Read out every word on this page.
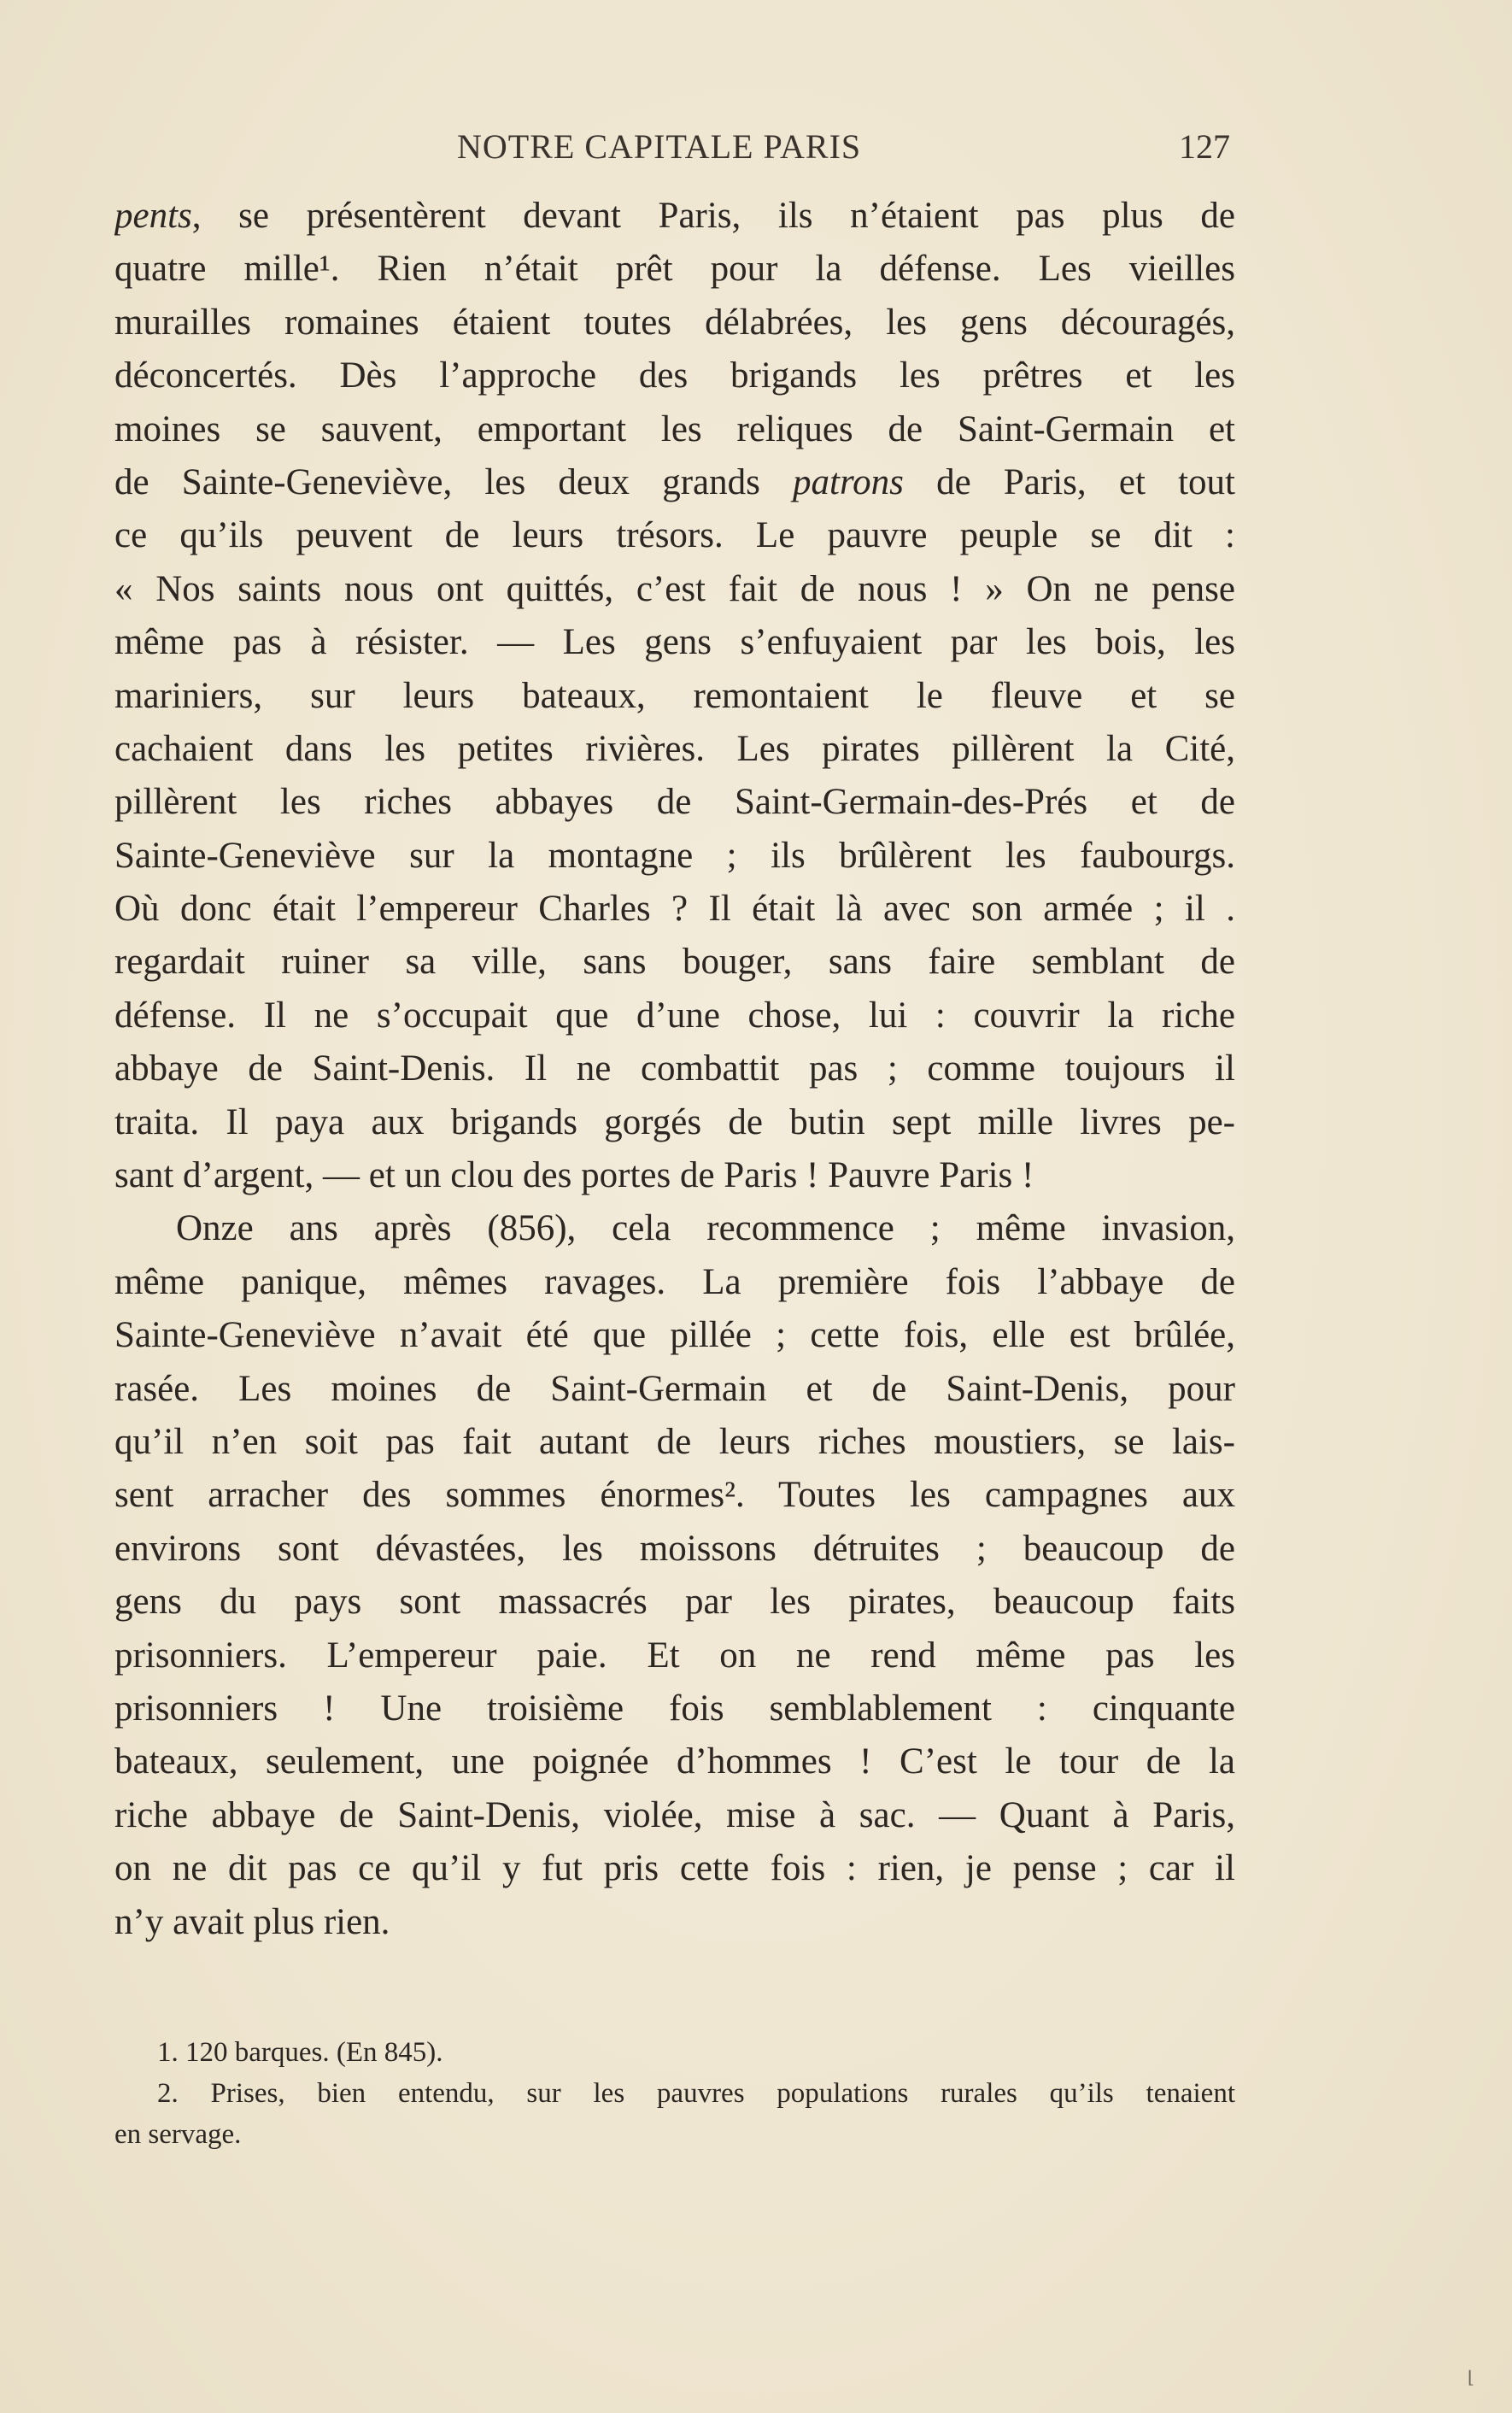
NOTRE CAPITALE PARIS	127
pents, se présentèrent devant Paris, ils n’étaient pas plus de
quatre mille¹. Rien n’était prêt pour la défense. Les vieilles
murailles romaines étaient toutes délabrées, les gens découragés,
déconcertés. Dès l’approche des brigands les prêtres et les
moines se sauvent, emportant les reliques de Saint-Germain et
de Sainte-Geneviève, les deux grands patrons de Paris, et tout
ce qu’ils peuvent de leurs trésors. Le pauvre peuple se dit :
« Nos saints nous ont quittés, c’est fait de nous ! » On ne pense
même pas à résister. — Les gens s’enfuyaient par les bois, les
mariniers, sur leurs bateaux, remontaient le fleuve et se
cachaient dans les petites rivières. Les pirates pillèrent la Cité,
pillèrent les riches abbayes de Saint-Germain-des-Prés et de
Sainte-Geneviève sur la montagne ; ils brûlèrent les faubourgs.
Où donc était l’empereur Charles ? Il était là avec son armée ; il .
regardait ruiner sa ville, sans bouger, sans faire semblant de
défense. Il ne s’occupait que d’une chose, lui : couvrir la riche
abbaye de Saint-Denis. Il ne combattit pas ; comme toujours il
traita. Il paya aux brigands gorgés de butin sept mille livres pe-
sant d’argent, — et un clou des portes de Paris ! Pauvre Paris !
Onze ans après (856), cela recommence ; même invasion,
même panique, mêmes ravages. La première fois l’abbaye de
Sainte-Geneviève n’avait été que pillée ; cette fois, elle est brûlée,
rasée. Les moines de Saint-Germain et de Saint-Denis, pour
qu’il n’en soit pas fait autant de leurs riches moustiers, se lais-
sent arracher des sommes énormes². Toutes les campagnes aux
environs sont dévastées, les moissons détruites ; beaucoup de
gens du pays sont massacrés par les pirates, beaucoup faits
prisonniers. L’empereur paie. Et on ne rend même pas les
prisonniers ! Une troisième fois semblablement : cinquante
bateaux, seulement, une poignée d’hommes ! C’est le tour de la
riche abbaye de Saint-Denis, violée, mise à sac. — Quant à Paris,
on ne dit pas ce qu’il y fut pris cette fois : rien, je pense ; car il
n’y avait plus rien.
1. 120 barques. (En 845).
2. Prises, bien entendu, sur les pauvres populations rurales qu’ils tenaient
en servage.
⌊
